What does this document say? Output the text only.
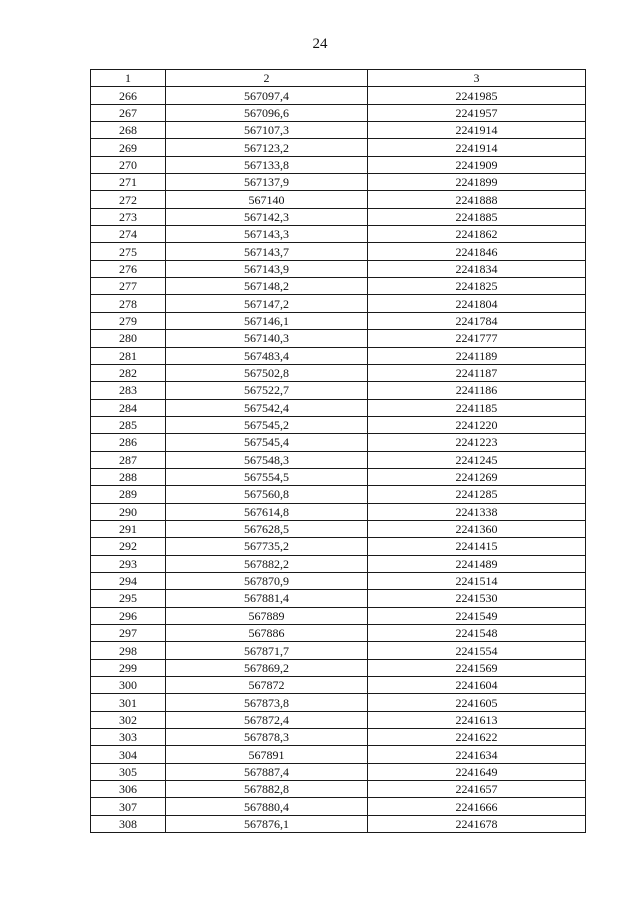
24
1	2	3
266	567097,4	2241985
267	567096,6	2241957
268	567107,3	2241914
269	567123,2	2241914
270	567133,8	2241909
271	567137,9	2241899
272	567140	2241888
273	567142,3	2241885
274	567143,3	2241862
275	567143,7	2241846
276	567143,9	2241834
277	567148,2	2241825
278	567147,2	2241804
279	567146,1	2241784
280	567140,3	2241777
281	567483,4	2241189
282	567502,8	2241187
283	567522,7	2241186
284	567542,4	2241185
285	567545,2	2241220
286	567545,4	2241223
287	567548,3	2241245
288	567554,5	2241269
289	567560,8	2241285
290	567614,8	2241338
291	567628,5	2241360
292	567735,2	2241415
293	567882,2	2241489
294	567870,9	2241514
295	567881,4	2241530
296	567889	2241549
297	567886	2241548
298	567871,7	2241554
299	567869,2	2241569
300	567872	2241604
301	567873,8	2241605
302	567872,4	2241613
303	567878,3	2241622
304	567891	2241634
305	567887,4	2241649
306	567882,8	2241657
307	567880,4	2241666
308	567876,1	2241678
